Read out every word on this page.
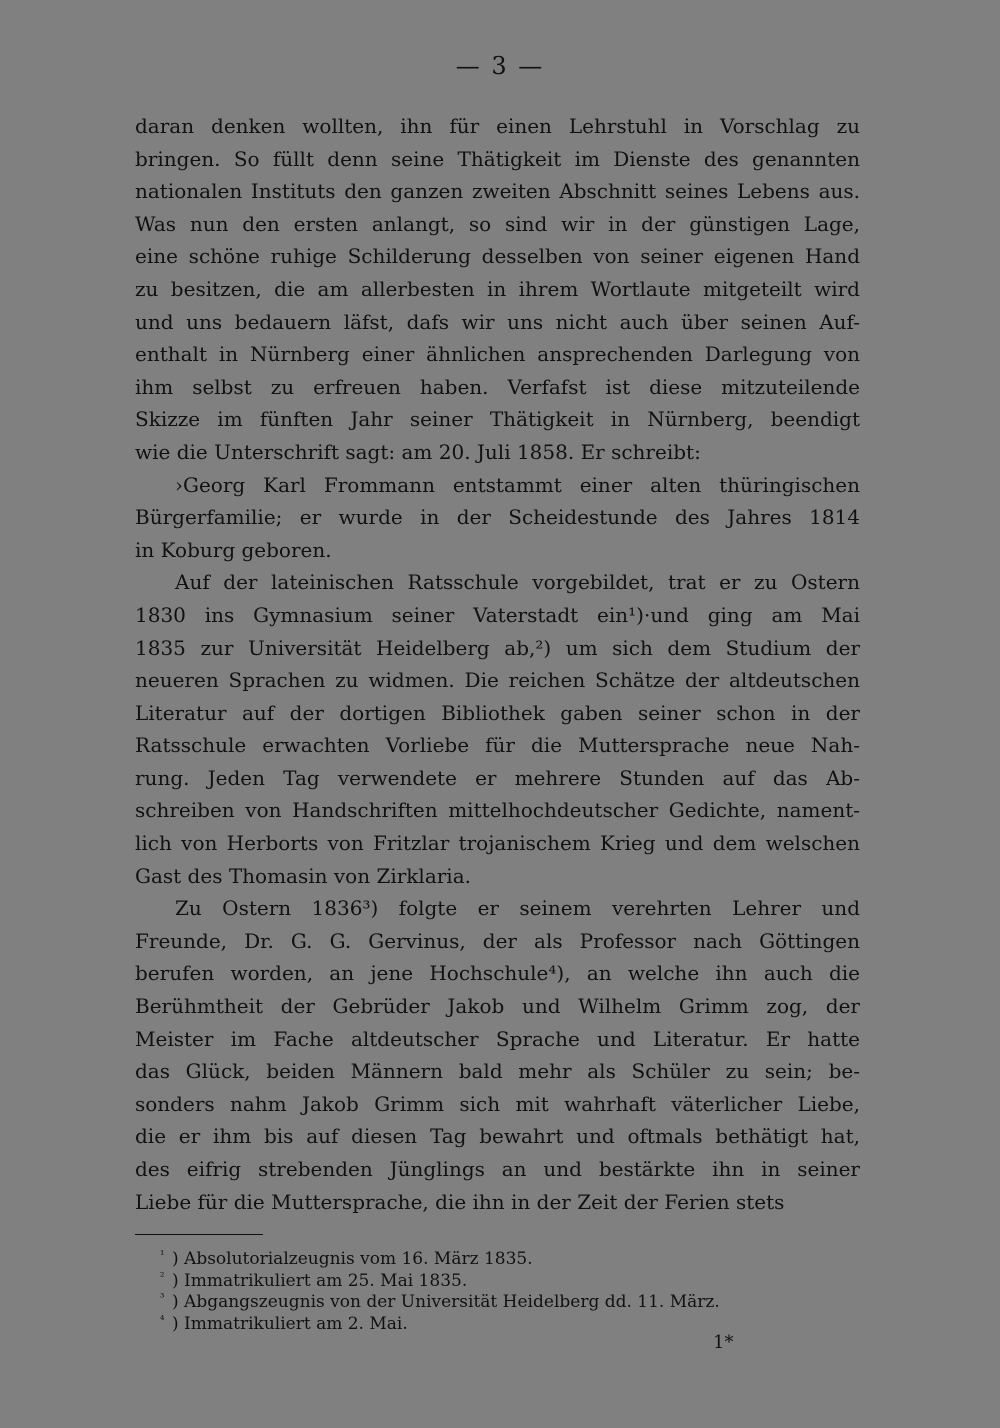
— 3 —
daran denken wollten, ihn für einen Lehrstuhl in Vorschlag zu
bringen. So füllt denn seine Thätigkeit im Dienste des genannten
nationalen Instituts den ganzen zweiten Abschnitt seines Lebens aus.
Was nun den ersten anlangt, so sind wir in der günstigen Lage,
eine schöne ruhige Schilderung desselben von seiner eigenen Hand
zu besitzen, die am allerbesten in ihrem Wortlaute mitgeteilt wird
und uns bedauern läfst, dafs wir uns nicht auch über seinen Auf-
enthalt in Nürnberg einer ähnlichen ansprechenden Darlegung von
ihm selbst zu erfreuen haben. Verfafst ist diese mitzuteilende
Skizze im fünften Jahr seiner Thätigkeit in Nürnberg, beendigt
wie die Unterschrift sagt: am 20. Juli 1858. Er schreibt:
›Georg Karl Frommann entstammt einer alten thüringischen
Bürgerfamilie; er wurde in der Scheidestunde des Jahres 1814
in Koburg geboren.
Auf der lateinischen Ratsschule vorgebildet, trat er zu Ostern
1830 ins Gymnasium seiner Vaterstadt ein¹)·und ging am Mai
1835 zur Universität Heidelberg ab,²) um sich dem Studium der
neueren Sprachen zu widmen. Die reichen Schätze der altdeutschen
Literatur auf der dortigen Bibliothek gaben seiner schon in der
Ratsschule erwachten Vorliebe für die Muttersprache neue Nah-
rung. Jeden Tag verwendete er mehrere Stunden auf das Ab-
schreiben von Handschriften mittelhochdeutscher Gedichte, nament-
lich von Herborts von Fritzlar trojanischem Krieg und dem welschen
Gast des Thomasin von Zirklaria.
Zu Ostern 1836³) folgte er seinem verehrten Lehrer und
Freunde, Dr. G. G. Gervinus, der als Professor nach Göttingen
berufen worden, an jene Hochschule⁴), an welche ihn auch die
Berühmtheit der Gebrüder Jakob und Wilhelm Grimm zog, der
Meister im Fache altdeutscher Sprache und Literatur. Er hatte
das Glück, beiden Männern bald mehr als Schüler zu sein; be-
sonders nahm Jakob Grimm sich mit wahrhaft väterlicher Liebe,
die er ihm bis auf diesen Tag bewahrt und oftmals bethätigt hat,
des eifrig strebenden Jünglings an und bestärkte ihn in seiner
Liebe für die Muttersprache, die ihn in der Zeit der Ferien stets
¹ ) Absolutorialzeugnis vom 16. März 1835.
² ) Immatrikuliert am 25. Mai 1835.
³ ) Abgangszeugnis von der Universität Heidelberg dd. 11. März.
⁴ ) Immatrikuliert am 2. Mai.
1*
